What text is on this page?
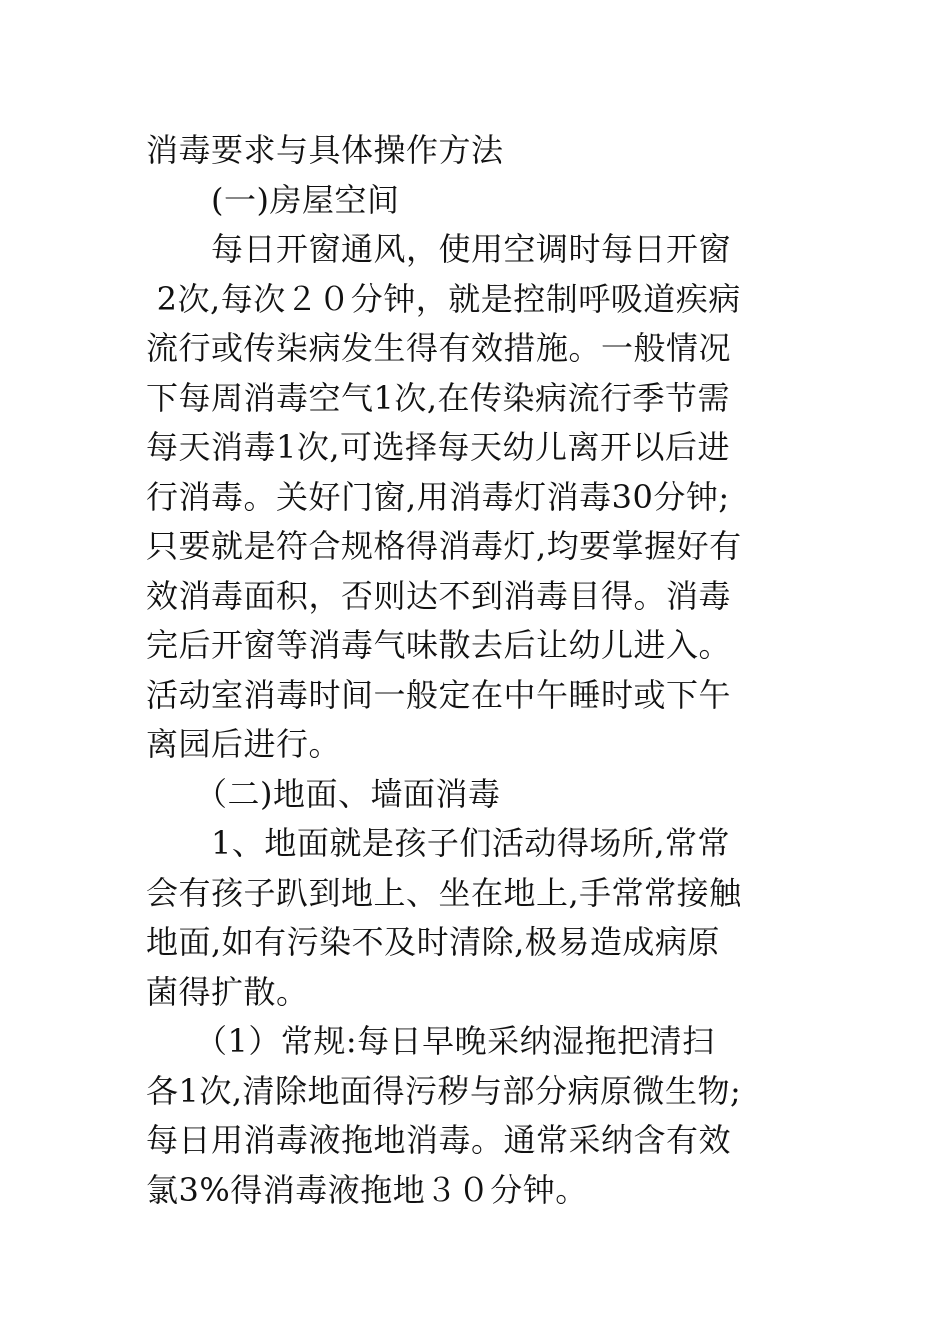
消毒要求与具体操作方法
　　(一)房屋空间
　　每日开窗通风，使用空调时每日开窗
2次,每次２０分钟，就是控制呼吸道疾病
流行或传柒病发生得有效措施。一般情况
下每周消毒空气1次,在传染病流行季节需
每天消毒1次,可选择每天幼儿离开以后进
行消毒。关好门窗,用消毒灯消毒30分钟;
只要就是符合规格得消毒灯,均要掌握好有
效消毒面积，否则达不到消毒目得。消毒
完后开窗等消毒气味散去后让幼儿进入。
活动室消毒时间一般定在中午睡时或下午
离园后进行。
　　（二)地面、墙面消毒
　　1、地面就是孩子们活动得场所,常常
会有孩子趴到地上、坐在地上,手常常接触
地面,如有污染不及时清除,极易造成病原
菌得扩散。
　　（1）常规:每日早晚采纳湿拖把清扫
各1次,清除地面得污秽与部分病原微生物;
每日用消毒液拖地消毒。通常采纳含有效
氯3%得消毒液拖地３０分钟。
